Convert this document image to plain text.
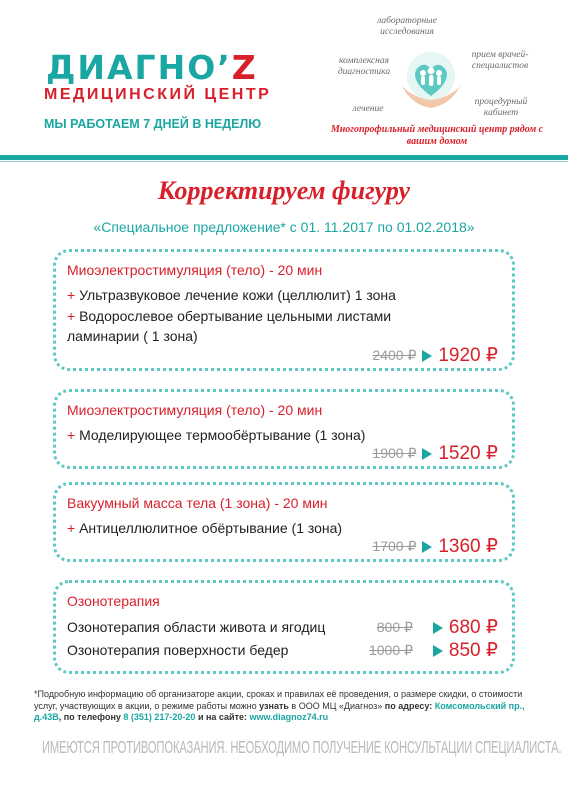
ДИАГНО’Z
МЕДИЦИНСКИЙ ЦЕНТР
МЫ РАБОТАЕМ 7 ДНЕЙ В НЕДЕЛЮ
лабораторные исследования
комплексная диагностика
прием врачей-специалистов
лечение
процедурный кабинет
Многопрофильный медицинский центр рядом с вашим домом
Корректируем фигуру
«Специальное предложение* с 01. 11.2017 по 01.02.2018»
Миоэлектростимуляция (тело) - 20 мин
+ Ультразвуковое лечение кожи (целлюлит) 1 зона
+ Водорослевое обертывание цельными листами
ламинарии ( 1 зона)
2400 ₽ 1920 ₽
Миоэлектростимуляция (тело) - 20 мин
+ Моделирующее термообёртывание (1 зона)
1900 ₽ 1520 ₽
Вакуумный масса тела (1 зона) - 20 мин
+ Антицеллюлитное обёртывание (1 зона)
1700 ₽ 1360 ₽
Озонотерапия
Озонотерапия области живота и ягодиц	800 ₽ 680 ₽
Озонотерапия поверхности бедер	1000 ₽ 850 ₽
*Подробную информацию об организаторе акции, сроках и правилах её проведения, о размере скидки, о стоимости услуг, участвующих в акции, о режиме работы можно узнать в ООО МЦ «Диагноз» по адресу: Комсомольский пр., д.43В, по телефону 8 (351) 217-20-20 и на сайте: www.diagnoz74.ru
ИМЕЮТСЯ ПРОТИВОПОКАЗАНИЯ. НЕОБХОДИМО ПОЛУЧЕНИЕ КОНСУЛЬТАЦИИ СПЕЦИАЛИСТА.
